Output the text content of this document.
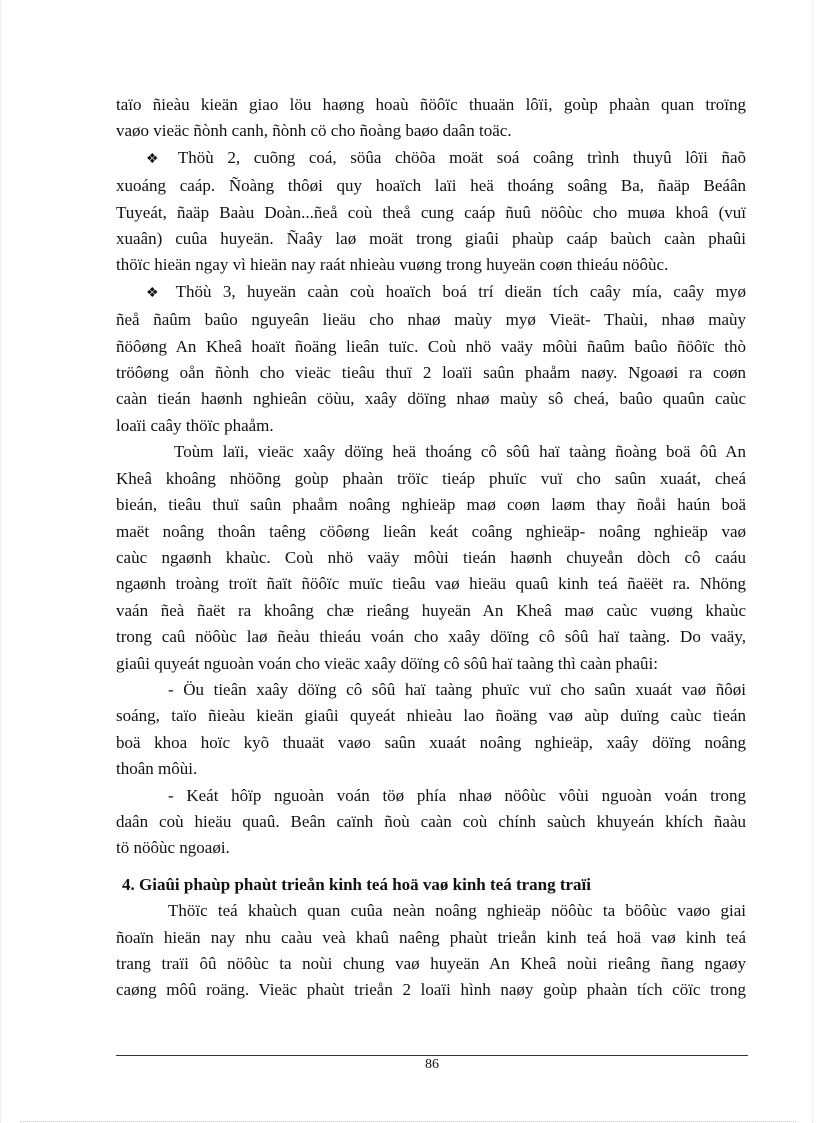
taïo ñieàu kieän giao löu haøng hoaù ñöôïc thuaän lôïi, goùp phaàn quan troïng
vaøo vieäc ñònh canh, ñònh cö cho ñoàng baøo daân toäc.
❖ Thöù 2, cuõng coá, söûa chöõa moät soá coâng trình thuyû lôïi ñaõ
xuoáng caáp. Ñoàng thôøi quy hoaïch laïi heä thoáng soâng Ba, ñaäp Beáân
Tuyeát, ñaäp Baàu Doàn...ñeå coù theå cung caáp ñuû nöôùc cho muøa khoâ (vuï
xuaân) cuûa huyeän. Ñaây laø moät trong giaûi phaùp caáp baùch caàn phaûi
thöïc hieän ngay vì hieän nay raát nhieàu vuøng trong huyeän coøn thieáu nöôùc.
❖ Thöù 3, huyeän caàn coù hoaïch boá trí dieän tích caây mía, caây myø
ñeå ñaûm baûo nguyeân lieäu cho nhaø maùy myø Vieät- Thaùi, nhaø maùy
ñöôøng An Kheâ hoaït ñoäng lieân tuïc. Coù nhö vaäy môùi ñaûm baûo ñöôïc thò
tröôøng oån ñònh cho vieäc tieâu thuï 2 loaïi saûn phaåm naøy. Ngoaøi ra coøn
caàn tieán haønh nghieân cöùu, xaây döïng nhaø maùy sô cheá, baûo quaûn caùc
loaïi caây thöïc phaåm.
Toùm laïi, vieäc xaây döïng heä thoáng cô sôû haï taàng ñoàng boä ôû An
Kheâ khoâng nhöõng goùp phaàn tröïc tieáp phuïc vuï cho saûn xuaát, cheá
bieán, tieâu thuï saûn phaåm noâng nghieäp maø coøn laøm thay ñoåi haún boä
maët noâng thoân taêng cöôøng lieân keát coâng nghieäp- noâng nghieäp vaø
caùc ngaønh khaùc. Coù nhö vaäy môùi tieán haønh chuyeån dòch cô caáu
ngaønh troàng troït ñaït ñöôïc muïc tieâu vaø hieäu quaû kinh teá ñaëët ra. Nhöng
vaán ñeà ñaët ra khoâng chæ rieâng huyeän An Kheâ maø caùc vuøng khaùc
trong caû nöôùc laø ñeàu thieáu voán cho xaây döïng cô sôû haï taàng. Do vaäy,
giaûi quyeát nguoàn voán cho vieäc xaây döïng cô sôû haï taàng thì caàn phaûi:
- Öu tieân xaây döïng cô sôû haï taàng phuïc vuï cho saûn xuaát vaø ñôøi
soáng, taïo ñieàu kieän giaûi quyeát nhieàu lao ñoäng vaø aùp duïng caùc tieán
boä khoa hoïc kyõ thuaät vaøo saûn xuaát noâng nghieäp, xaây döïng noâng
thoân môùi.
- Keát hôïp nguoàn voán töø phía nhaø nöôùc vôùi nguoàn voán trong
daân coù hieäu quaû. Beân caïnh ñoù caàn coù chính saùch khuyeán khích ñaàu
tö nöôùc ngoaøi.
4. Giaûi phaùp phaùt trieån kinh teá hoä vaø kinh teá trang traïi
Thöïc teá khaùch quan cuûa neàn noâng nghieäp nöôùc ta böôùc vaøo giai
ñoaïn hieän nay nhu caàu veà khaû naêng phaùt trieån kinh teá hoä vaø kinh teá
trang traïi ôû nöôùc ta noùi chung vaø huyeän An Kheâ noùi rieâng ñang ngaøy
caøng môû roäng. Vieäc phaùt trieån 2 loaïi hình naøy goùp phaàn tích cöïc trong
86
